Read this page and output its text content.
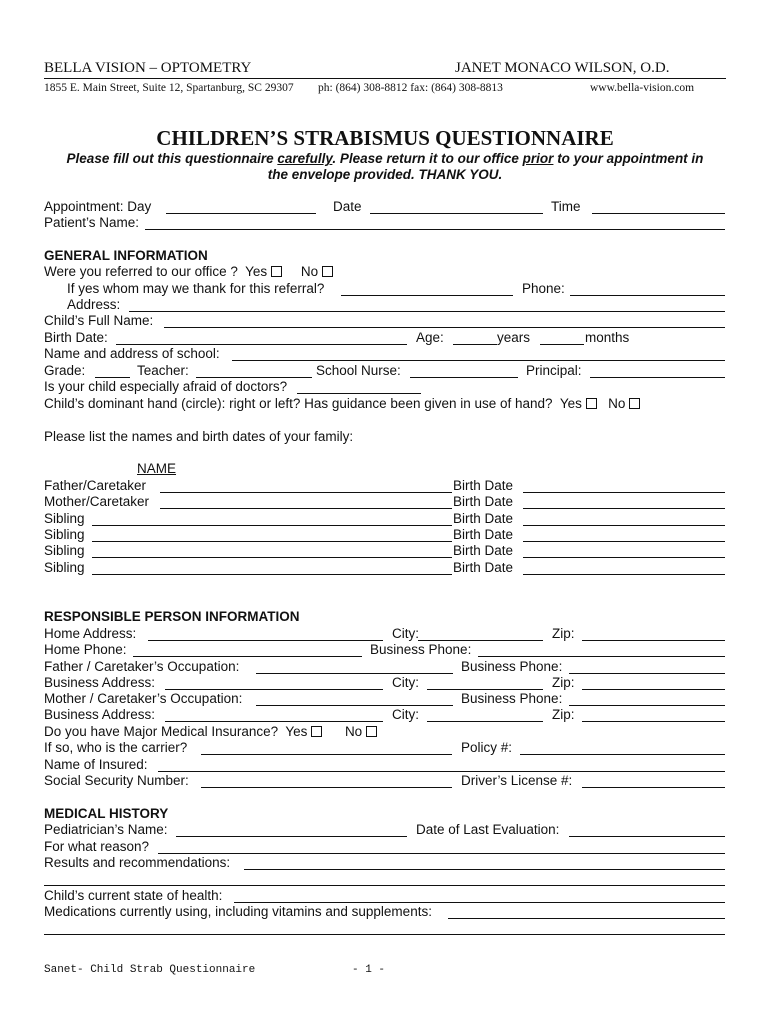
BELLA VISION – OPTOMETRY	JANET MONACO WILSON, O.D.
1855 E. Main Street, Suite 12, Spartanburg, SC 29307 ph: (864) 308-8812 fax: (864) 308-8813	www.bella-vision.com
CHILDREN’S STRABISMUS QUESTIONNAIRE
Please fill out this questionnaire carefully. Please return it to our office prior to your appointment in
the envelope provided. THANK YOU.
Appointment: Day	Date	Time
Patient’s Name:
GENERAL INFORMATION
Were you referred to our office ? Yes	No
If yes whom may we thank for this referral?	Phone:
Address:
Child’s Full Name:
Birth Date:	Age:	years	months
Name and address of school:
Grade:	Teacher:	School Nurse:	Principal:
Is your child especially afraid of doctors?
Child’s dominant hand (circle): right or left? Has guidance been given in use of hand? Yes No
Please list the names and birth dates of your family:
NAME
Father/Caretaker	Birth Date
Mother/Caretaker	Birth Date
Sibling	Birth Date
Sibling	Birth Date
Sibling	Birth Date
Sibling	Birth Date
RESPONSIBLE PERSON INFORMATION
Home Address:	City:	Zip:
Home Phone:	Business Phone:
Father / Caretaker’s Occupation:	Business Phone:
Business Address:	City:	Zip:
Mother / Caretaker’s Occupation:	Business Phone:
Business Address:	City:	Zip:
Do you have Major Medical Insurance? Yes	No
If so, who is the carrier?	Policy #:
Name of Insured:
Social Security Number:	Driver’s License #:
MEDICAL HISTORY
Pediatrician’s Name:	Date of Last Evaluation:
For what reason?
Results and recommendations:
Child’s current state of health:
Medications currently using, including vitamins and supplements:
Sanet- Child Strab Questionnaire	- 1 -
